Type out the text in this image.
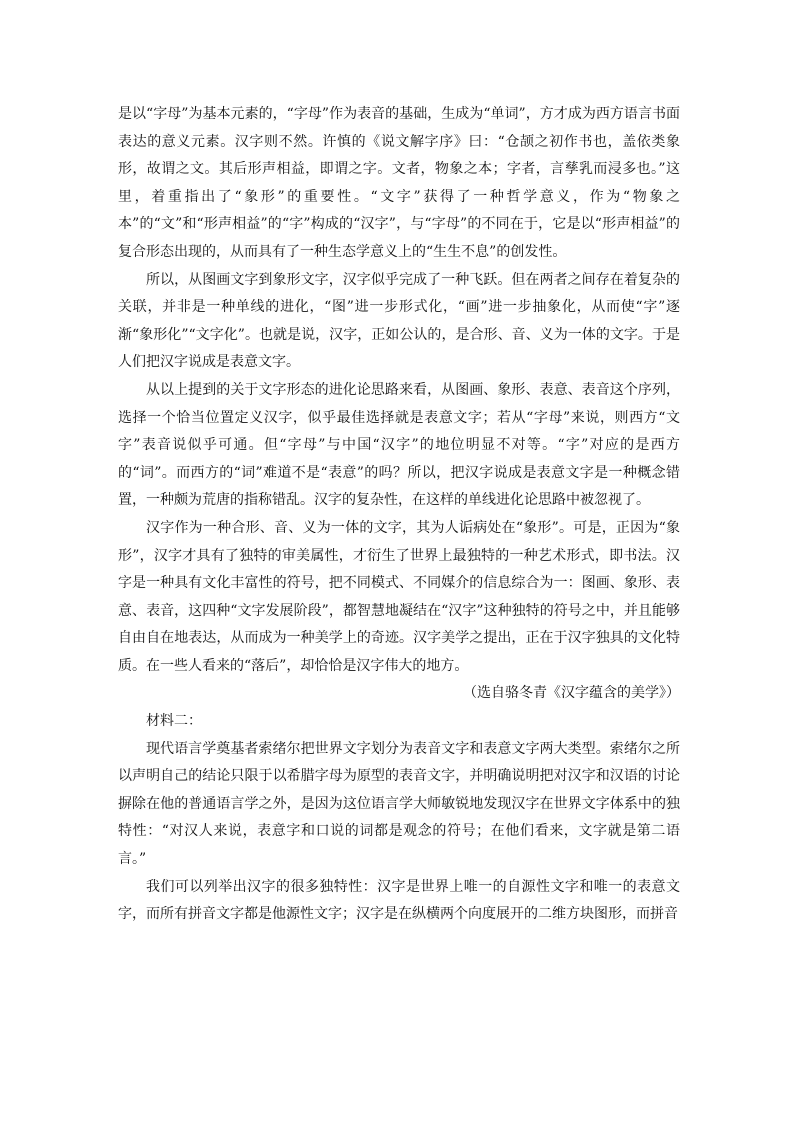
是以“字母”为基本元素的，“字母”作为表音的基础，生成为“单词”，方才成为西方语言书面表达的意义元素。汉字则不然。许慎的《说文解字序》曰：“仓颉之初作书也，盖依类象形，故谓之文。其后形声相益，即谓之字。文者，物象之本；字者，言孳乳而浸多也。”这里，着重指出了“象形”的重要性。“文字”获得了一种哲学意义，作为“物象之本”的“文”和“形声相益”的“字”构成的“汉字”，与“字母”的不同在于，它是以“形声相益”的复合形态出现的，从而具有了一种生态学意义上的“生生不息”的创发性。

所以，从图画文字到象形文字，汉字似乎完成了一种飞跃。但在两者之间存在着复杂的关联，并非是一种单线的进化，“图”进一步形式化，“画”进一步抽象化，从而使“字”逐渐“象形化”“文字化”。也就是说，汉字，正如公认的，是合形、音、义为一体的文字。于是人们把汉字说成是表意文字。

从以上提到的关于文字形态的进化论思路来看，从图画、象形、表意、表音这个序列，选择一个恰当位置定义汉字，似乎最佳选择就是表意文字；若从“字母”来说，则西方“文字”表音说似乎可通。但“字母”与中国“汉字”的地位明显不对等。“字”对应的是西方的“词”。而西方的“词”难道不是“表意”的吗？所以，把汉字说成是表意文字是一种概念错置，一种颇为荒唐的指称错乱。汉字的复杂性，在这样的单线进化论思路中被忽视了。

汉字作为一种合形、音、义为一体的文字，其为人诟病处在“象形”。可是，正因为“象形”，汉字才具有了独特的审美属性，才衍生了世界上最独特的一种艺术形式，即书法。汉字是一种具有文化丰富性的符号，把不同模式、不同媒介的信息综合为一：图画、象形、表意、表音，这四种“文字发展阶段”，都智慧地凝结在“汉字”这种独特的符号之中，并且能够自由自在地表达，从而成为一种美学上的奇迹。汉字美学之提出，正在于汉字独具的文化特质。在一些人看来的“落后”，却恰恰是汉字伟大的地方。

（选自骆冬青《汉字蕴含的美学》）

材料二：

现代语言学奠基者索绪尔把世界文字划分为表音文字和表意文字两大类型。索绪尔之所以声明自己的结论只限于以希腊字母为原型的表音文字，并明确说明把对汉字和汉语的讨论摒除在他的普通语言学之外，是因为这位语言学大师敏锐地发现汉字在世界文字体系中的独特性：“对汉人来说，表意字和口说的词都是观念的符号；在他们看来，文字就是第二语言。”

我们可以列举出汉字的很多独特性：汉字是世界上唯一的自源性文字和唯一的表意文字，而所有拼音文字都是他源性文字；汉字是在纵横两个向度展开的二维方块图形，而拼音
